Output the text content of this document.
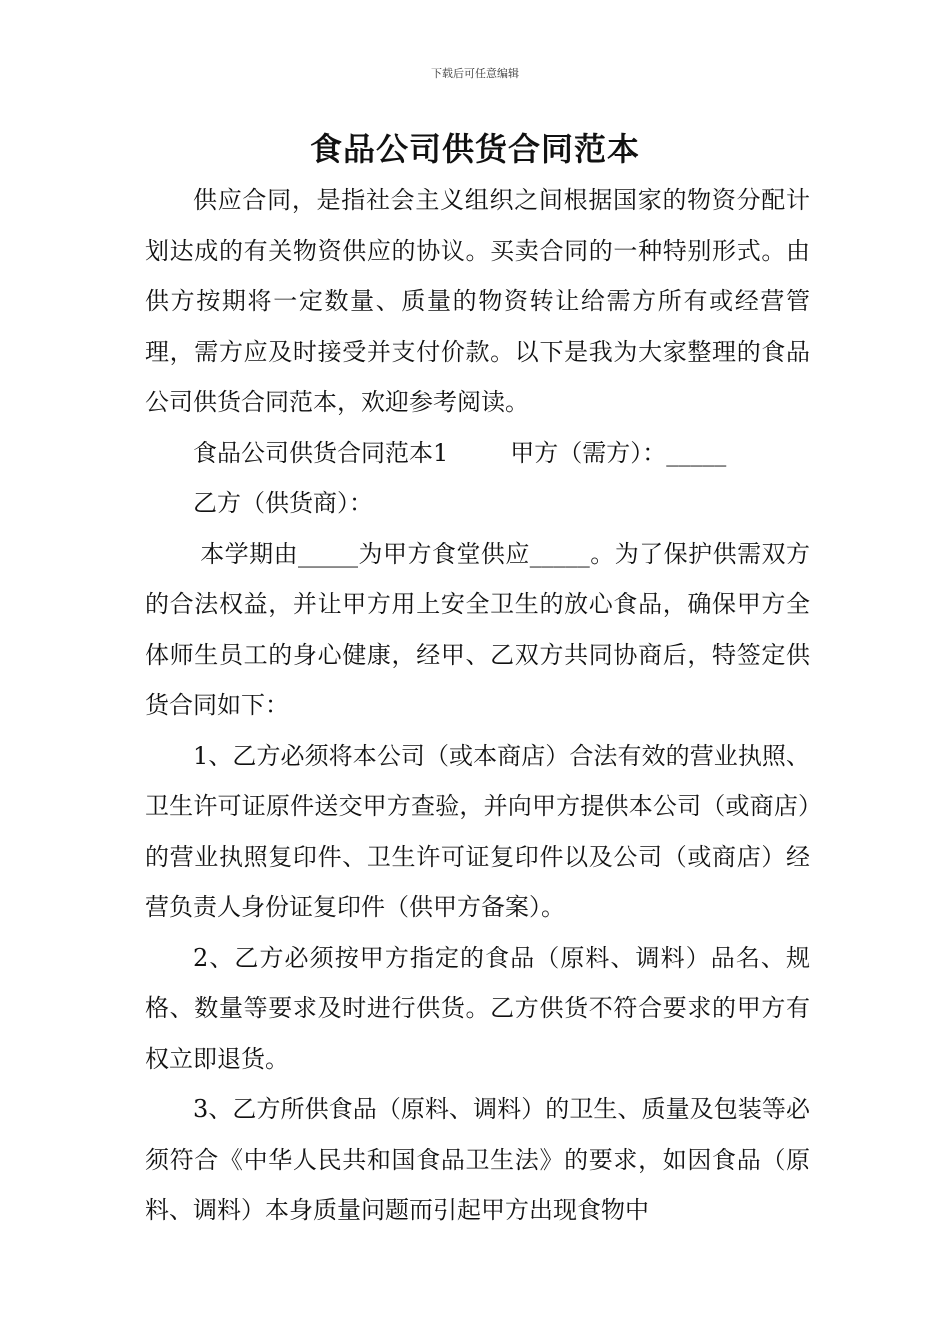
下载后可任意编辑
食品公司供货合同范本

供应合同，是指社会主义组织之间根据国家的物资分配计划达成的有关物资供应的协议。买卖合同的一种特别形式。由供方按期将一定数量、质量的物资转让给需方所有或经营管理，需方应及时接受并支付价款。以下是我为大家整理的食品公司供货合同范本，欢迎参考阅读。

食品公司供货合同范本1	甲方（需方）：_____

乙方（供货商）：

本学期由_____为甲方食堂供应_____。为了保护供需双方的合法权益，并让甲方用上安全卫生的放心食品，确保甲方全体师生员工的身心健康，经甲、乙双方共同协商后，特签定供货合同如下：

1、乙方必须将本公司（或本商店）合法有效的营业执照、卫生许可证原件送交甲方查验，并向甲方提供本公司（或商店）的营业执照复印件、卫生许可证复印件以及公司（或商店）经营负责人身份证复印件（供甲方备案）。

2、乙方必须按甲方指定的食品（原料、调料）品名、规格、数量等要求及时进行供货。乙方供货不符合要求的甲方有权立即退货。

3、乙方所供食品（原料、调料）的卫生、质量及包装等必须符合《中华人民共和国食品卫生法》的要求，如因食品（原料、调料）本身质量问题而引起甲方出现食物中
